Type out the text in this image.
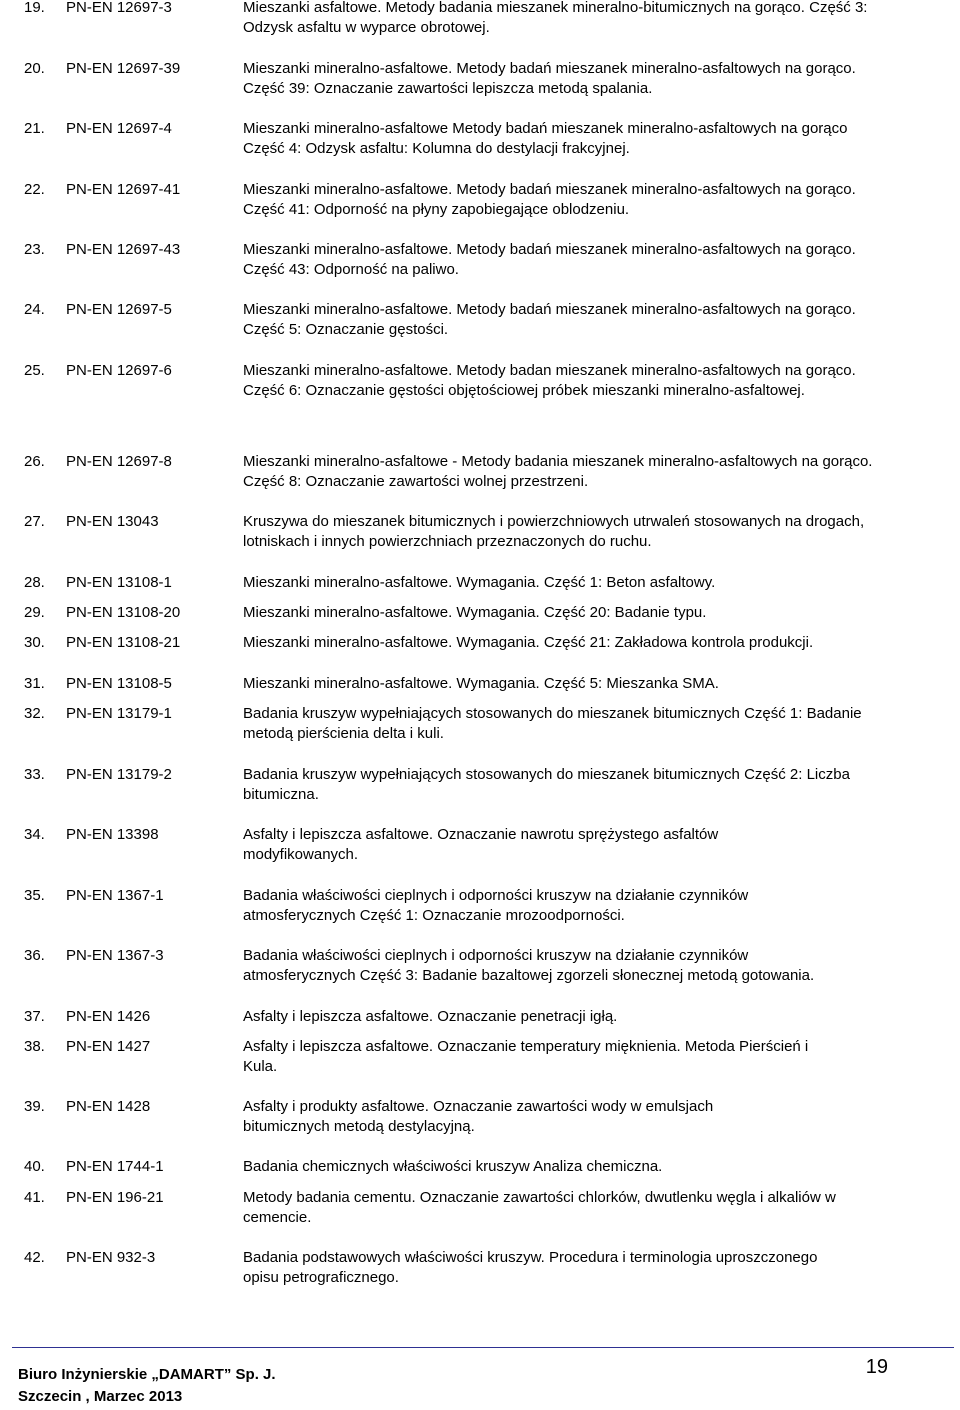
19. PN-EN 12697-3	Mieszanki asfaltowe. Metody badania mieszanek mineralno-bitumicznych na gorąco. Część 3: Odzysk asfaltu w wyparce obrotowej.
20. PN-EN 12697-39	Mieszanki mineralno-asfaltowe. Metody badań mieszanek mineralno-asfaltowych na gorąco. Część 39: Oznaczanie zawartości lepiszcza metodą spalania.
21. PN-EN 12697-4	Mieszanki mineralno-asfaltowe Metody badań mieszanek mineralno-asfaltowych na gorąco Część 4: Odzysk asfaltu: Kolumna do destylacji frakcyjnej.
22. PN-EN 12697-41	Mieszanki mineralno-asfaltowe. Metody badań mieszanek mineralno-asfaltowych na gorąco. Część 41: Odporność na płyny zapobiegające oblodzeniu.
23. PN-EN 12697-43	Mieszanki mineralno-asfaltowe. Metody badań mieszanek mineralno-asfaltowych na gorąco. Część 43: Odporność na paliwo.
24. PN-EN 12697-5	Mieszanki mineralno-asfaltowe. Metody badań mieszanek mineralno-asfaltowych na gorąco. Część 5: Oznaczanie gęstości.
25. PN-EN 12697-6	Mieszanki mineralno-asfaltowe. Metody badan mieszanek mineralno-asfaltowych na gorąco. Część 6: Oznaczanie gęstości objętościowej próbek mieszanki mineralno-asfaltowej.
26. PN-EN 12697-8	Mieszanki mineralno-asfaltowe - Metody badania mieszanek mineralno-asfaltowych na gorąco. Część 8: Oznaczanie zawartości wolnej przestrzeni.
27. PN-EN 13043	Kruszywa do mieszanek bitumicznych i powierzchniowych utrwaleń stosowanych na drogach, lotniskach i innych powierzchniach przeznaczonych do ruchu.
28. PN-EN 13108-1	Mieszanki mineralno-asfaltowe. Wymagania. Część 1: Beton asfaltowy.
29. PN-EN 13108-20	Mieszanki mineralno-asfaltowe. Wymagania. Część 20: Badanie typu.
30. PN-EN 13108-21	Mieszanki mineralno-asfaltowe. Wymagania. Część 21: Zakładowa kontrola produkcji.
31. PN-EN 13108-5	Mieszanki mineralno-asfaltowe. Wymagania. Część 5: Mieszanka SMA.
32. PN-EN 13179-1	Badania kruszyw wypełniających stosowanych do mieszanek bitumicznych Część 1: Badanie metodą pierścienia delta i kuli.
33. PN-EN 13179-2	Badania kruszyw wypełniających stosowanych do mieszanek bitumicznych Część 2: Liczba bitumiczna.
34. PN-EN 13398	Asfalty i lepiszcza asfaltowe. Oznaczanie nawrotu sprężystego asfaltów modyfikowanych.
35. PN-EN 1367-1	Badania właściwości cieplnych i odporności kruszyw na działanie czynników atmosferycznych Część 1: Oznaczanie mrozoodporności.
36. PN-EN 1367-3	Badania właściwości cieplnych i odporności kruszyw na działanie czynników atmosferycznych Część 3: Badanie bazaltowej zgorzeli słonecznej metodą gotowania.
37. PN-EN 1426	Asfalty i lepiszcza asfaltowe. Oznaczanie penetracji igłą.
38. PN-EN 1427	Asfalty i lepiszcza asfaltowe. Oznaczanie temperatury mięknienia. Metoda Pierścień i Kula.
39. PN-EN 1428	Asfalty i produkty asfaltowe. Oznaczanie zawartości wody w emulsjach bitumicznych metodą destylacyjną.
40. PN-EN 1744-1	Badania chemicznych właściwości kruszyw Analiza chemiczna.
41. PN-EN 196-21	Metody badania cementu. Oznaczanie zawartości chlorków, dwutlenku węgla i alkaliów w cemencie.
42. PN-EN 932-3	Badania podstawowych właściwości kruszyw. Procedura i terminologia uproszczonego opisu petrograficznego.
Biuro Inżynierskie „DAMART” Sp. J.
Szczecin , Marzec 2013
19
